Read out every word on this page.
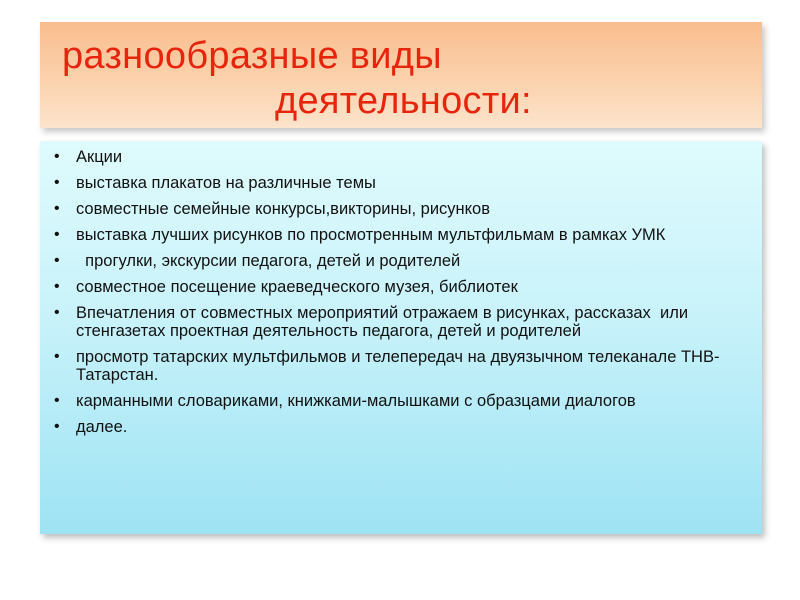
разнообразные виды
деятельности:
• Акции
• выставка плакатов на различные темы
• совместные семейные конкурсы,викторины, рисунков
• выставка лучших рисунков по просмотренным мультфильмам в рамках УМК
• прогулки, экскурсии педагога, детей и родителей
• совместное посещение краеведческого музея, библиотек
• Впечатления от совместных мероприятий отражаем в рисунках, рассказах  или стенгазетах проектная деятельность педагога, детей и родителей
• просмотр татарских мультфильмов и телепередач на двуязычном телеканале ТНВ-Татарстан.
• карманными словариками, книжками-малышками с образцами диалогов
• далее.
